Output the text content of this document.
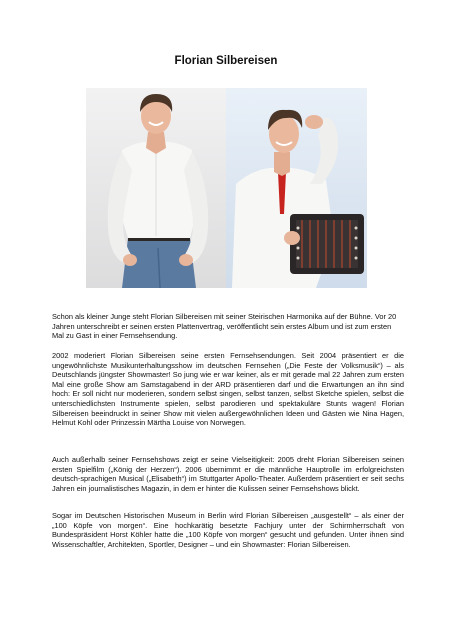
Florian Silbereisen

Schon als kleiner Junge steht Florian Silbereisen mit seiner Steirischen Harmonika auf der Bühne. Vor 20 Jahren unterschreibt er seinen ersten Plattenvertrag, veröffentlicht sein erstes Album und ist zum ersten Mal zu Gast in einer Fernsehsendung.

2002 moderiert Florian Silbereisen seine ersten Fernsehsendungen. Seit 2004 präsentiert er die ungewöhnlichste Musikunterhaltungsshow im deutschen Fernsehen („Die Feste der Volksmusik“) – als Deutschlands jüngster Showmaster! So jung wie er war keiner, als er mit gerade mal 22 Jahren zum ersten Mal eine große Show am Samstagabend in der ARD präsentieren darf und die Erwartungen an ihn sind hoch: Er soll nicht nur moderieren, sondern selbst singen, selbst tanzen, selbst Sketche spielen, selbst die unterschiedlichsten Instrumente spielen, selbst parodieren und spektakuläre Stunts wagen! Florian Silbereisen beeindruckt in seiner Show mit vielen außergewöhnlichen Ideen und Gästen wie Nina Hagen, Helmut Kohl oder Prinzessin Märtha Louise von Norwegen.

Auch außerhalb seiner Fernsehshows zeigt er seine Vielseitigkeit: 2005 dreht Florian Silbereisen seinen ersten Spielfilm („König der Herzen“). 2006 übernimmt er die männliche Hauptrolle im erfolgreichsten deutsch-sprachigen Musical („Elisabeth“) im Stuttgarter Apollo-Theater. Außerdem präsentiert er seit sechs Jahren ein journalistisches Magazin, in dem er hinter die Kulissen seiner Fernsehshows blickt.

Sogar im Deutschen Historischen Museum in Berlin wird Florian Silbereisen „ausgestellt“ – als einer der „100 Köpfe von morgen“. Eine hochkarätig besetzte Fachjury unter der Schirmherrschaft von Bundespräsident Horst Köhler hatte die „100 Köpfe von morgen“ gesucht und gefunden. Unter ihnen sind Wissenschaftler, Architekten, Sportler, Designer – und ein Showmaster: Florian Silbereisen.
